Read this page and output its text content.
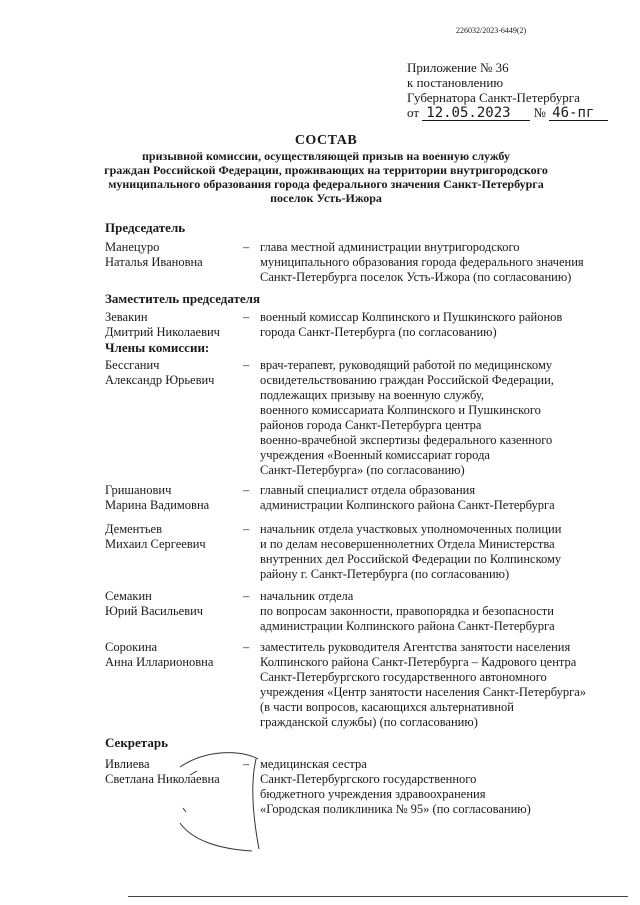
226032/2023-6449(2)
Приложение № 36
к постановлению
Губернатора Санкт-Петербурга
от 12.05.2023 № 46-пг
СОСТАВ
призывной комиссии, осуществляющей призыв на военную службу
граждан Российской Федерации, проживающих на территории внутригородского
муниципального образования города федерального значения Санкт-Петербурга
поселок Усть-Ижора
Председатель
Манецуро
Наталья Ивановна
– глава местной администрации внутригородского
муниципального образования города федерального значения
Санкт-Петербурга поселок Усть-Ижора (по согласованию)
Заместитель председателя
Зевакин
Дмитрий Николаевич
– военный комиссар Колпинского и Пушкинского районов
города Санкт-Петербурга (по согласованию)
Члены комиссии:
Бессганич
Александр Юрьевич
– врач-терапевт, руководящий работой по медицинскому
освидетельствованию граждан Российской Федерации,
подлежащих призыву на военную службу,
военного комиссариата Колпинского и Пушкинского
районов города Санкт-Петербурга центра
военно-врачебной экспертизы федерального казенного
учреждения «Военный комиссариат города
Санкт-Петербурга» (по согласованию)
Гришанович
Марина Вадимовна
– главный специалист отдела образования
администрации Колпинского района Санкт-Петербурга
Дементьев
Михаил Сергеевич
– начальник отдела участковых уполномоченных полиции
и по делам несовершеннолетних Отдела Министерства
внутренних дел Российской Федерации по Колпинскому
району г. Санкт-Петербурга (по согласованию)
Семакин
Юрий Васильевич
– начальник отдела
по вопросам законности, правопорядка и безопасности
администрации Колпинского района Санкт-Петербурга
Сорокина
Анна Илларионовна
– заместитель руководителя Агентства занятости населения
Колпинского района Санкт-Петербурга – Кадрового центра
Санкт-Петербургского государственного автономного
учреждения «Центр занятости населения Санкт-Петербурга»
(в части вопросов, касающихся альтернативной
гражданской службы) (по согласованию)
Секретарь
Ивлиева
Светлана Николаевна
– медицинская сестра
Санкт-Петербургского государственного
бюджетного учреждения здравоохранения
«Городская поликлиника № 95» (по согласованию)
